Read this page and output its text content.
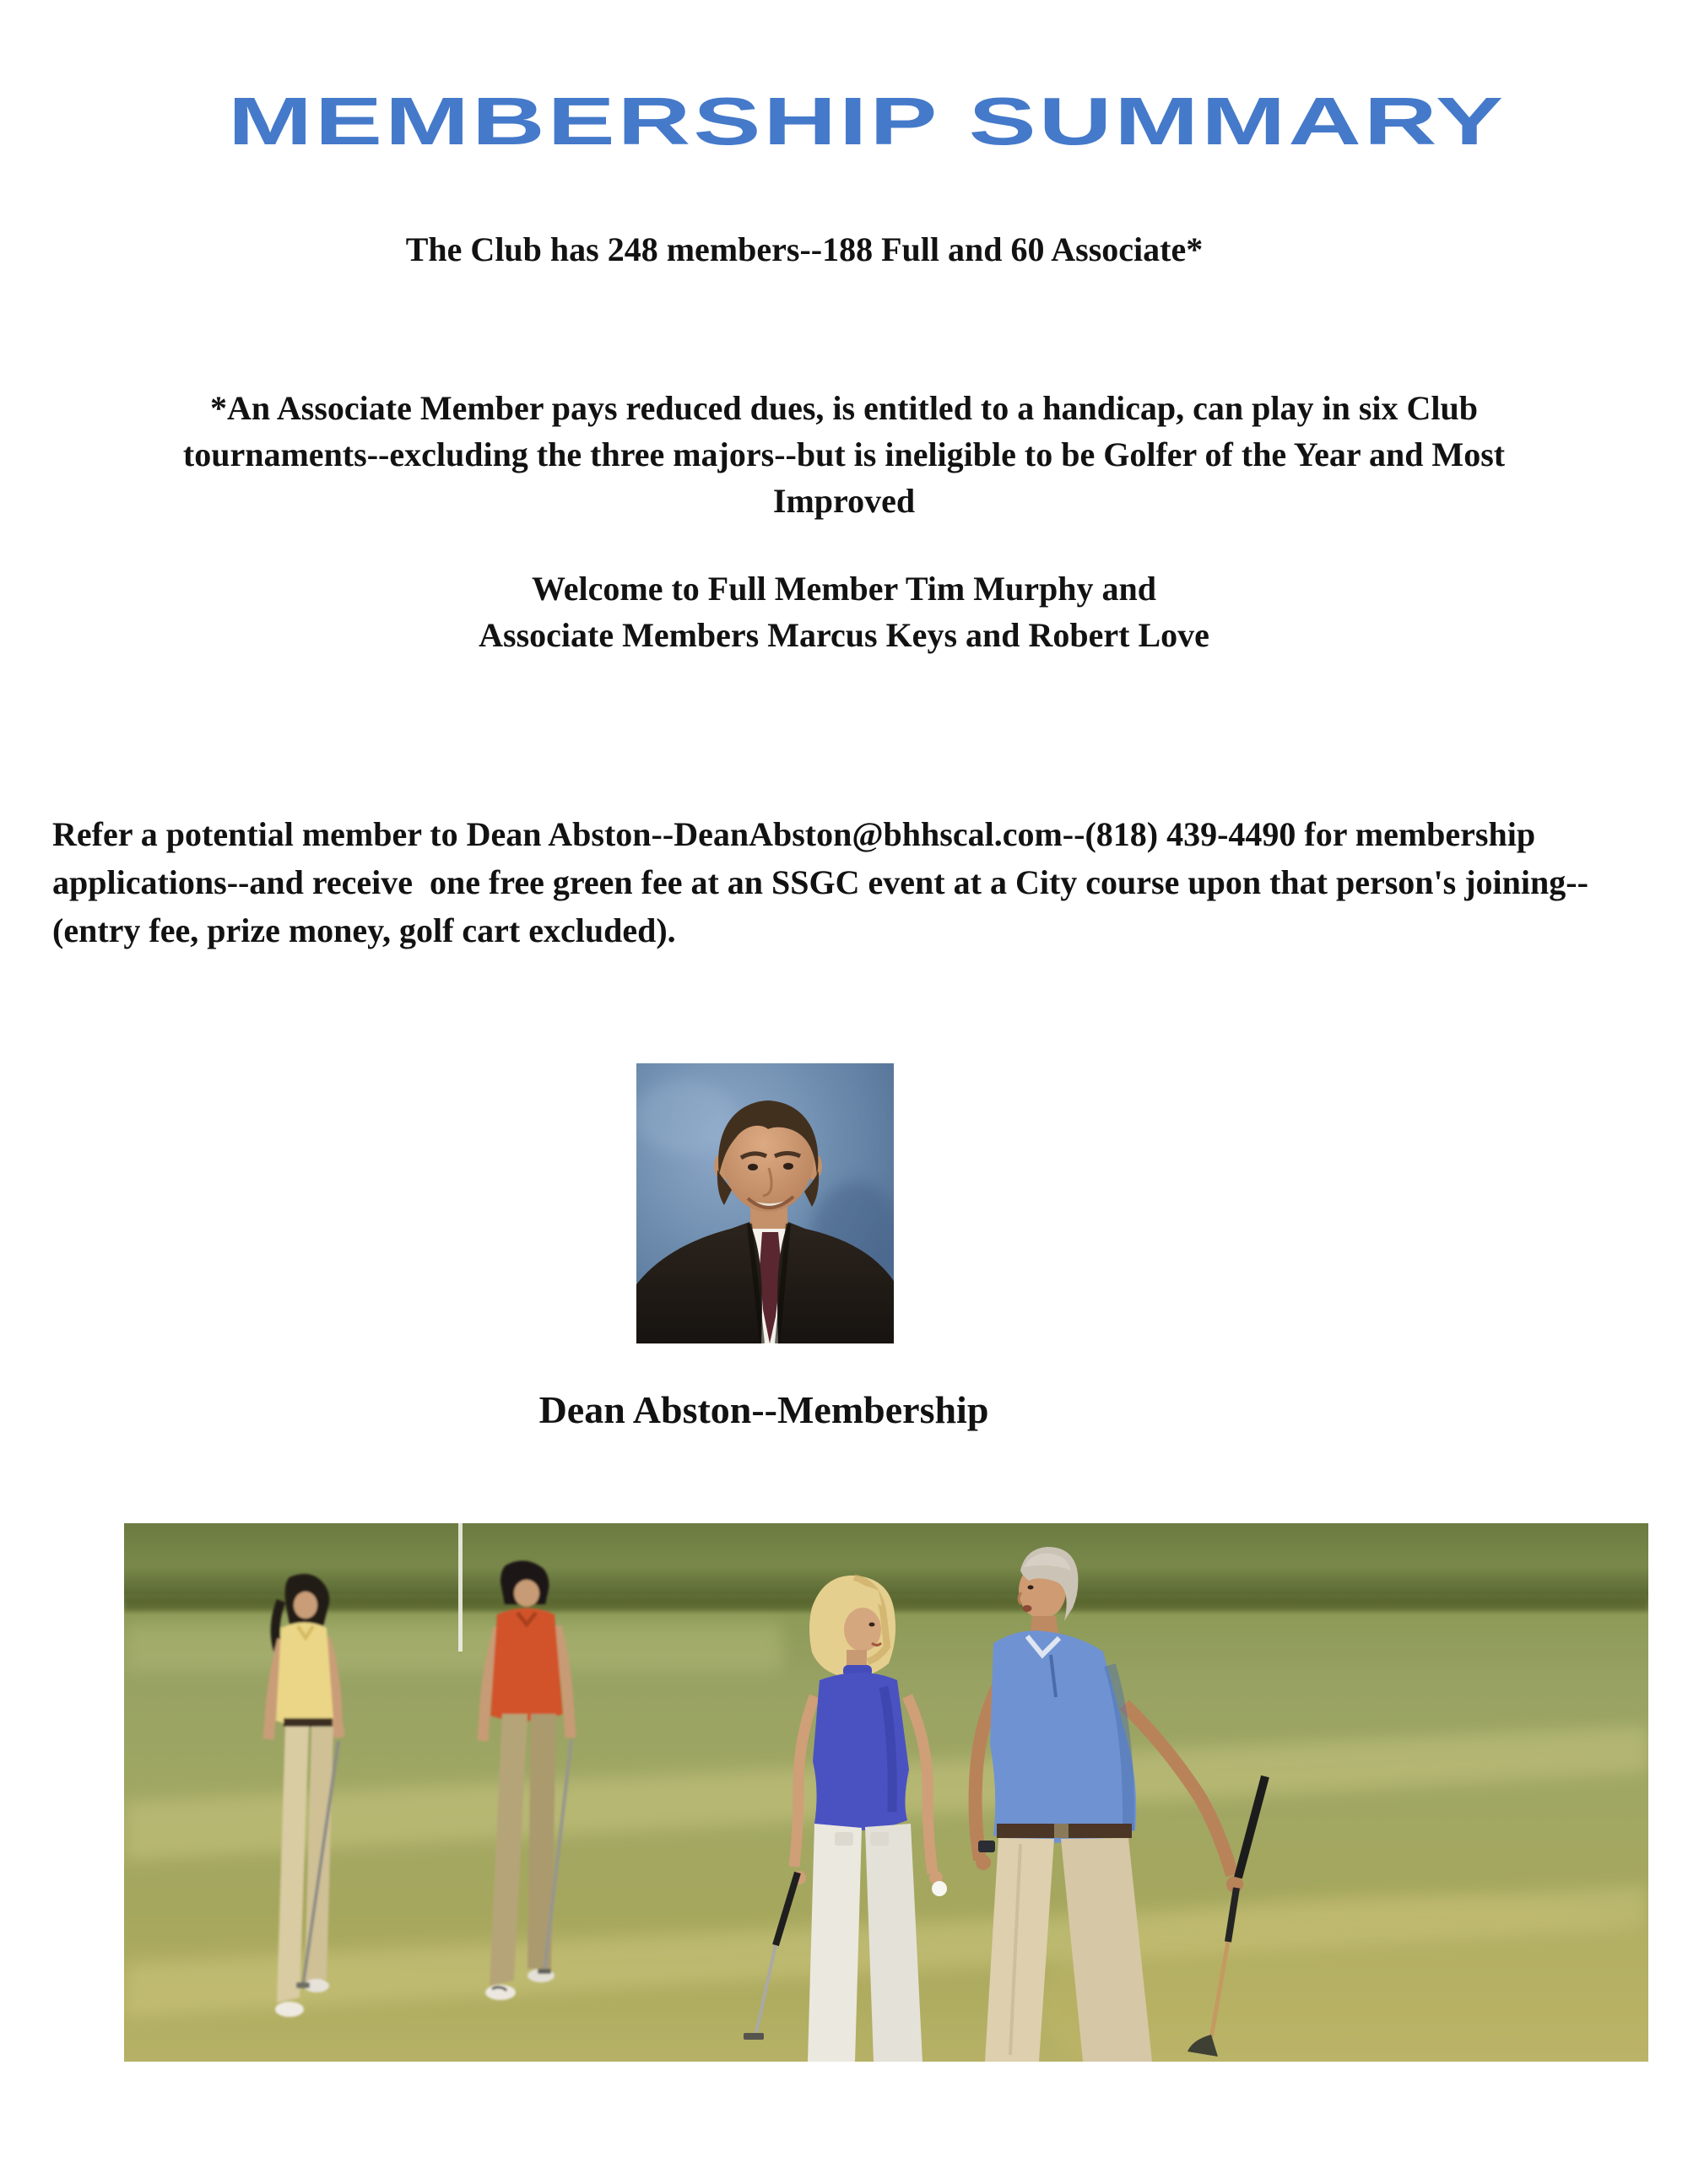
MEMBERSHIP SUMMARY
The Club has 248 members--188 Full and 60 Associate*
*An Associate Member pays reduced dues, is entitled to a handicap, can play in six Club
tournaments--excluding the three majors--but is ineligible to be Golfer of the Year and Most
Improved
Welcome to Full Member Tim Murphy and
Associate Members Marcus Keys and Robert Love
Refer a potential member to Dean Abston--DeanAbston@bhhscal.com--(818) 439-4490 for membership
applications--and receive  one free green fee at an SSGC event at a City course upon that person's joining--
(entry fee, prize money, golf cart excluded).
Dean Abston--Membership
